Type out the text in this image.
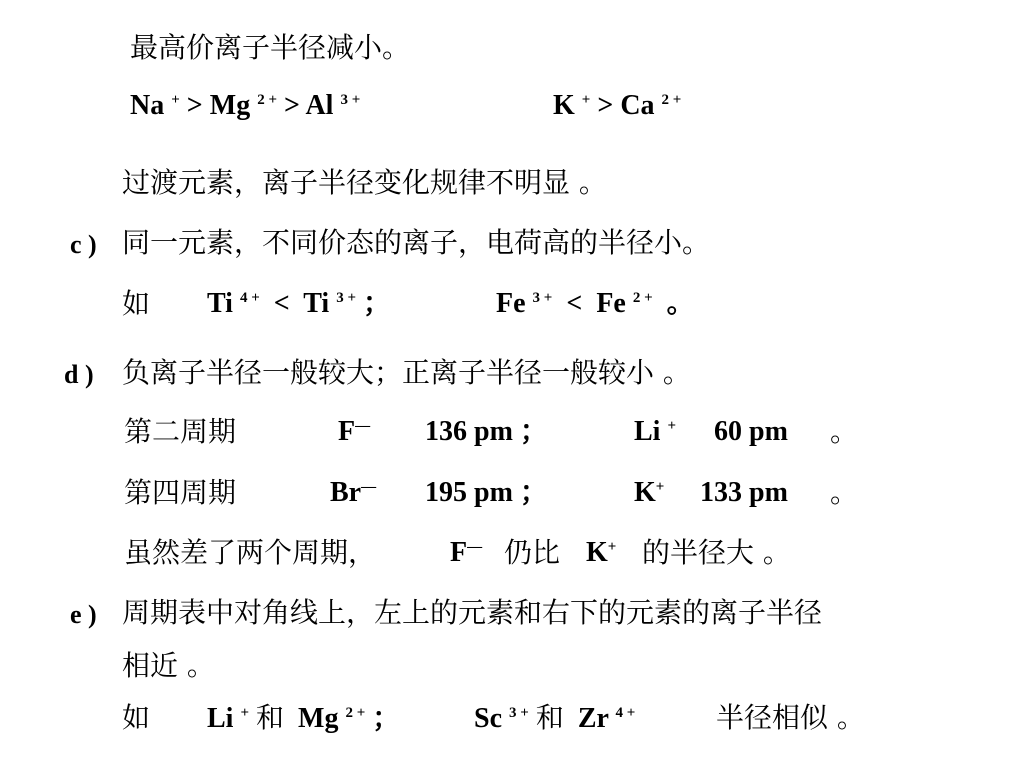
最高价离子半径减小。
Na + > Mg $^{2 +}$ > Al $^{3 +}$	K + > Ca $^{2 +}$
过渡元素，离子半径变化规律不明显 。
c ) 同一元素，不同价态的离子，电荷高的半径小。
如 Ti $^{4 +}$ < Ti $^{3 +}$ ；	Fe $^{3 +}$ < Fe $^{2 +}$ 。
d ) 负离子半径一般较大；正离子半径一般较小 。
第二周期	F— 136 pm ；	Li + 60 pm 。
第四周期	Br— 195 pm ；	K+ 133 pm 。
虽然差了两个周期，	F— 仍比 K+ 的半径大 。
e ) 周期表中对角线上，左上的元素和右下的元素的离子半径
相近 。
如 Li + 和 Mg $^{2 +}$ ；	Sc $^{3 +}$ 和 Zr $^{4 +}$	半径相似 。
